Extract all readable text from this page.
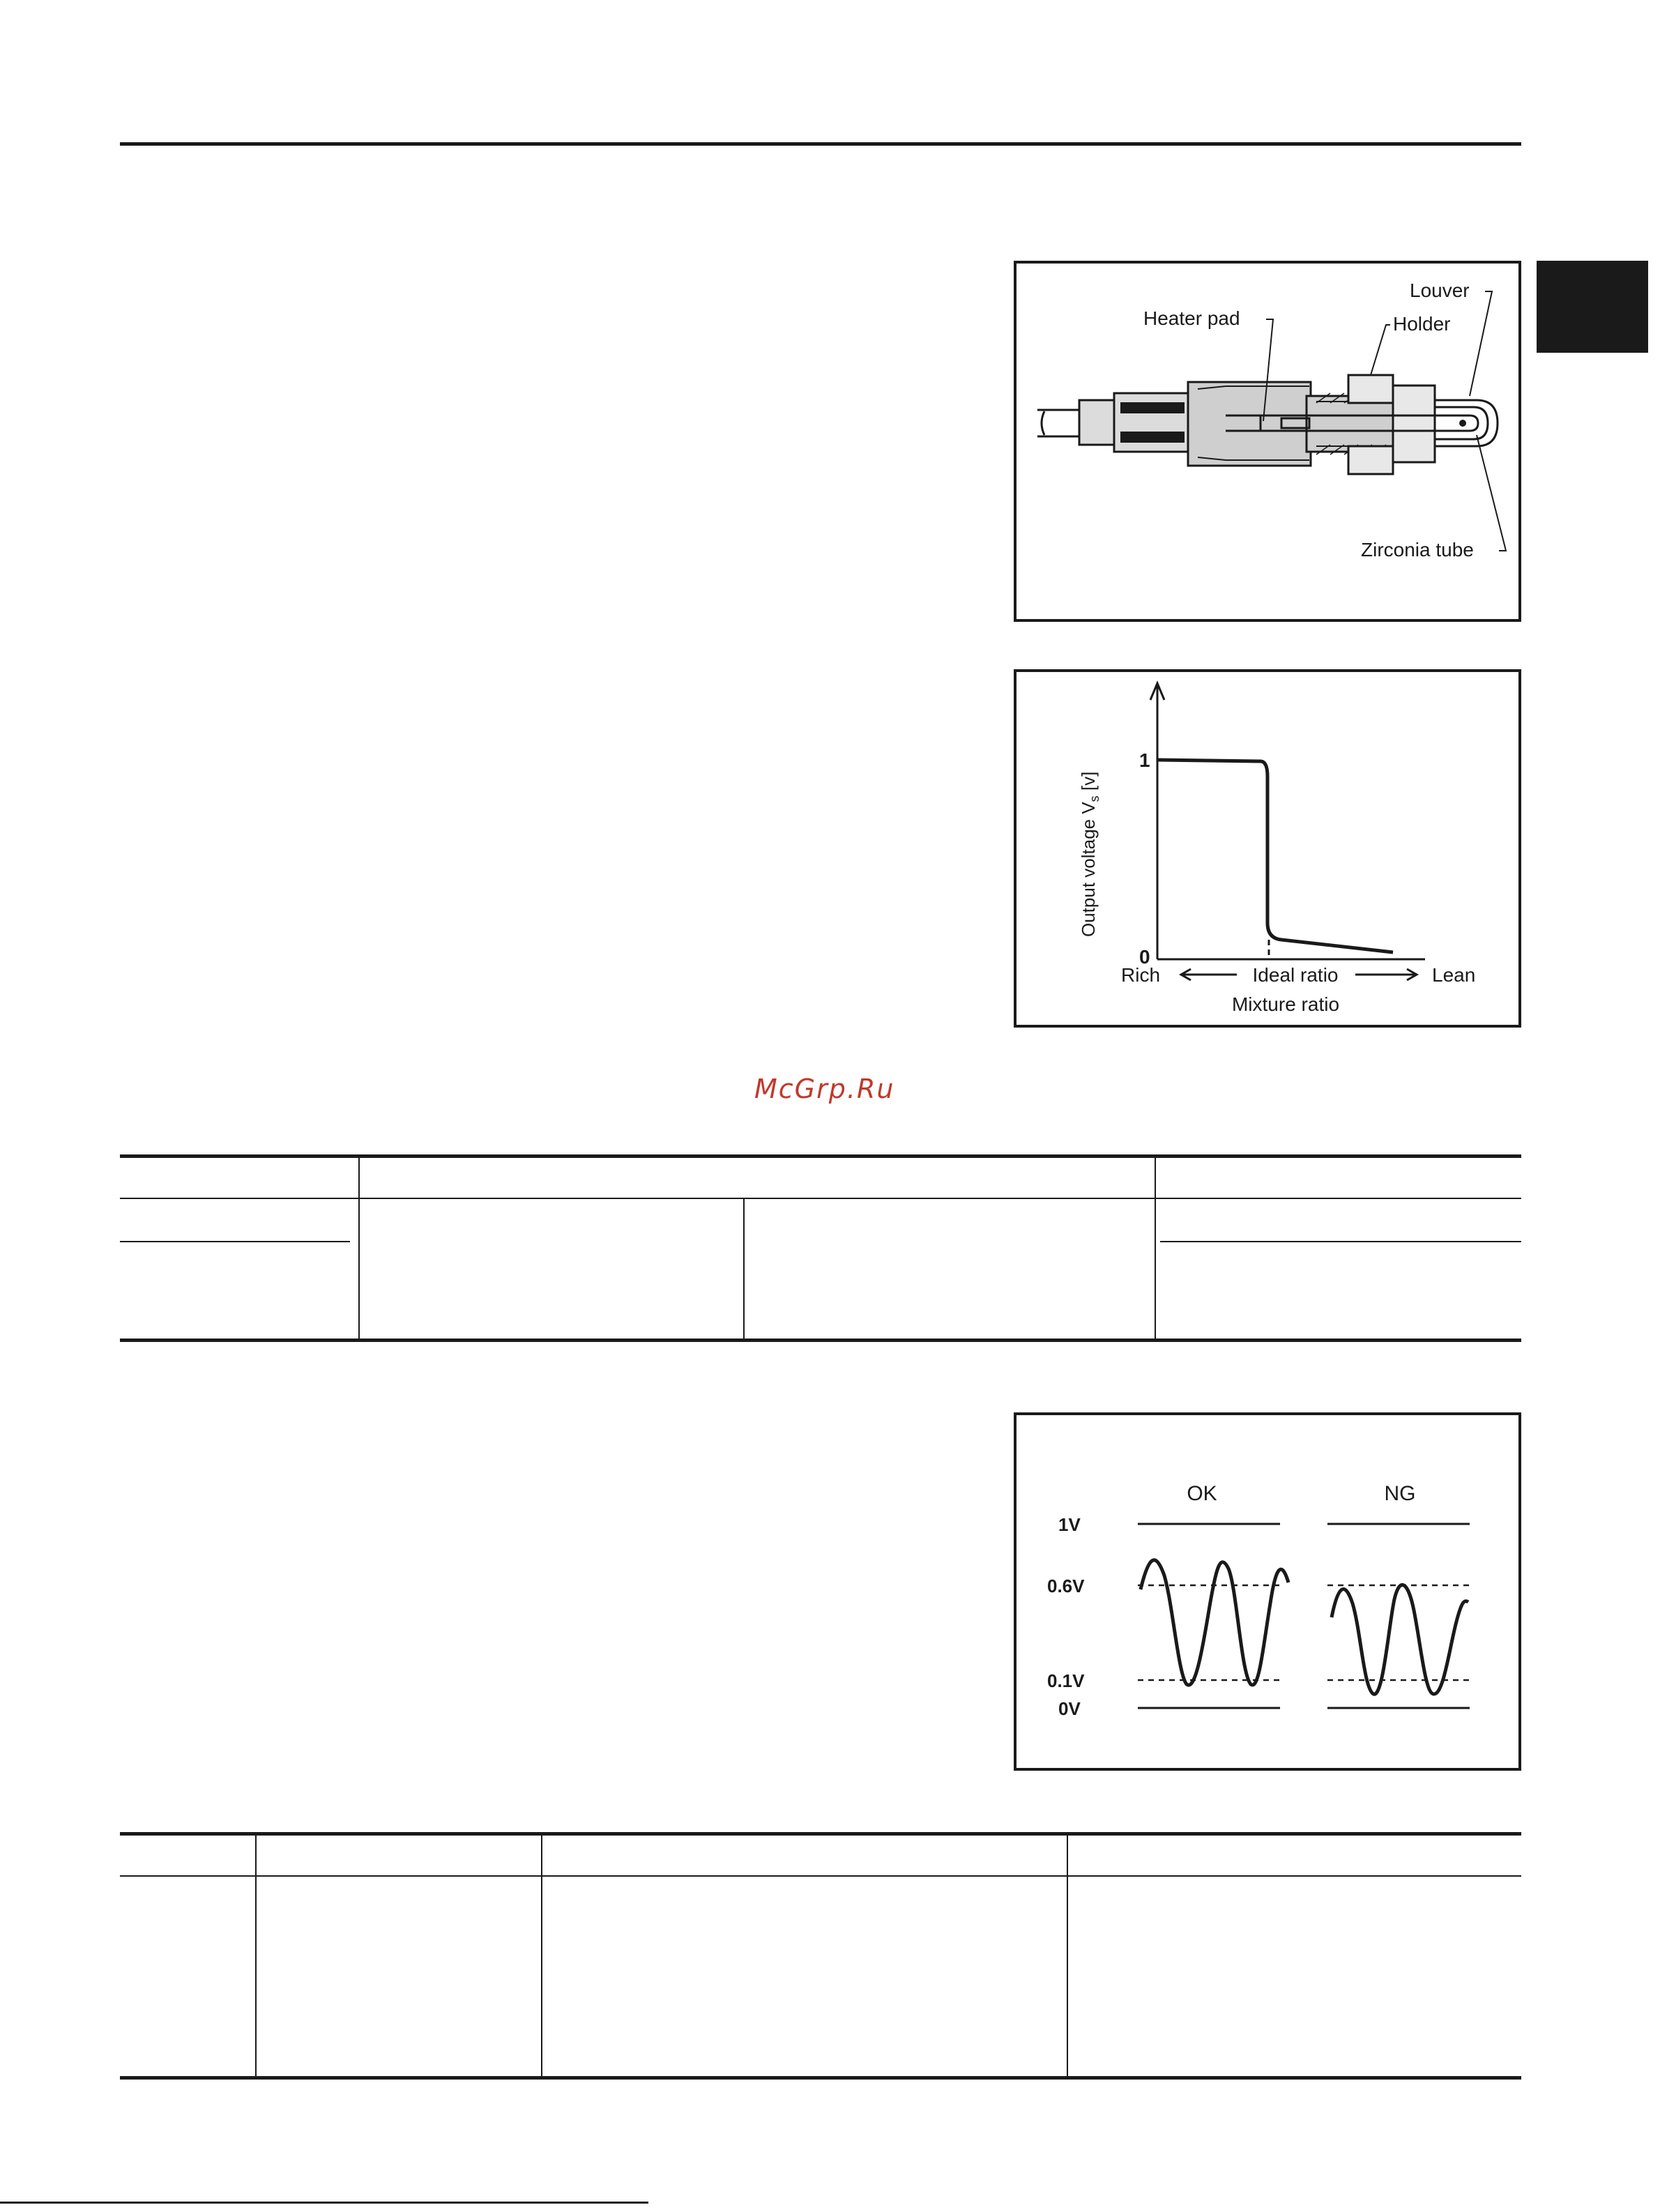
Louver
Holder
Heater pad
Zirconia tube
1
0
Output voltage $V_s$ [v]
Rich	Ideal ratio	Lean
Mixture ratio
McGrp.Ru
OK	NG
1V
0.6V
0.1V
0V
